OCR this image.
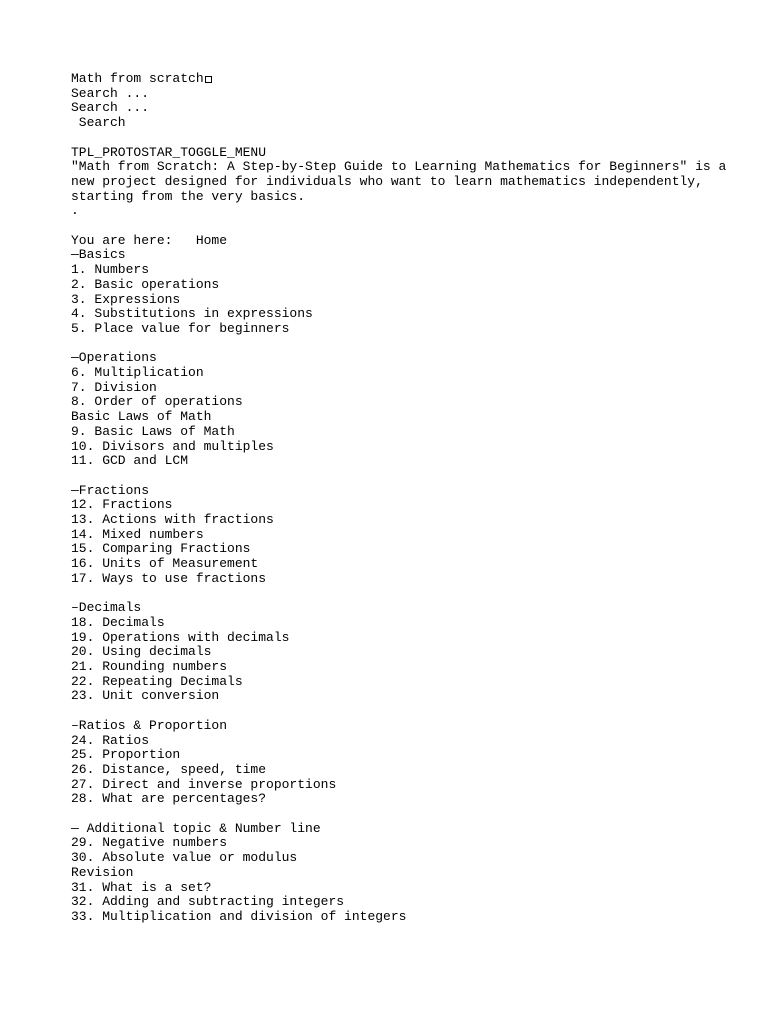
Math from scratch
Search ...
Search ...
Search
TPL_PROTOSTAR_TOGGLE_MENU
"Math from Scratch: A Step-by-Step Guide to Learning Mathematics for Beginners" is a new project designed for individuals who want to learn mathematics independently, starting from the very basics.
.
You are here:   Home
—Basics
1. Numbers
2. Basic operations
3. Expressions
4. Substitutions in expressions
5. Place value for beginners
—Operations
6. Multiplication
7. Division
8. Order of operations
Basic Laws of Math
9. Basic Laws of Math
10. Divisors and multiples
11. GCD and LCM
—Fractions
12. Fractions
13. Actions with fractions
14. Mixed numbers
15. Comparing Fractions
16. Units of Measurement
17. Ways to use fractions
–Decimals
18. Decimals
19. Operations with decimals
20. Using decimals
21. Rounding numbers
22. Repeating Decimals
23. Unit conversion
–Ratios & Proportion
24. Ratios
25. Proportion
26. Distance, speed, time
27. Direct and inverse proportions
28. What are percentages?
— Additional topic & Number line
29. Negative numbers
30. Absolute value or modulus
Revision
31. What is a set?
32. Adding and subtracting integers
33. Multiplication and division of integers
